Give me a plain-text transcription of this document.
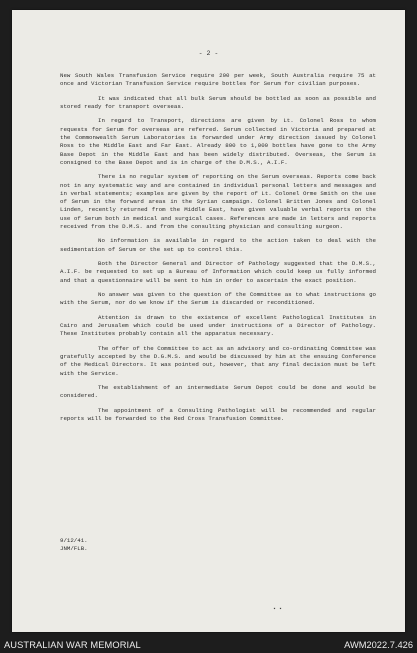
- 2 -

New South Wales Transfusion Service require 200 per week, South Australia require 75 at once and Victorian Transfusion Service require bottles for Serum for civilian purposes.

It was indicated that all bulk Serum should be bottled as soon as possible and stored ready for transport overseas.

In regard to Transport, directions are given by Lt. Colonel Ross to whom requests for Serum for overseas are referred. Serum collected in Victoria and prepared at the Commonwealth Serum Laboratories is forwarded under Army direction issued by Colonel Ross to the Middle East and Far East. Already 800 to 1,000 bottles have gone to the Army Base Depot in the Middle East and has been widely distributed. Overseas, the Serum is consigned to the Base Depot and is in charge of the D.M.S., A.I.F.

There is no regular system of reporting on the Serum overseas. Reports come back not in any systematic way and are contained in individual personal letters and messages and in verbal statements; examples are given by the report of Lt. Colonel Orme Smith on the use of Serum in the forward areas in the Syrian campaign. Colonel Britten Jones and Colonel Linden, recently returned from the Middle East, have given valuable verbal reports on the use of Serum both in medical and surgical cases. References are made in letters and reports received from the D.M.S. and from the consulting physician and consulting surgeon.

No information is available in regard to the action taken to deal with the sedimentation of Serum or the set up to control this.

Both the Director General and Director of Pathology suggested that the D.M.S., A.I.F. be requested to set up a Bureau of Information which could keep us fully informed and that a questionnaire will be sent to him in order to ascertain the exact position.

No answer was given to the question of the Committee as to what instructions go with the Serum, nor do we know if the Serum is discarded or reconditioned.

Attention is drawn to the existence of excellent Pathological Institutes in Cairo and Jerusalem which could be used under instructions of a Director of Pathology. These Institutes probably contain all the apparatus necessary.

The offer of the Committee to act as an advisory and co-ordinating Committee was gratefully accepted by the D.G.M.S. and would be discussed by him at the ensuing Conference of the Medical Directors. It was pointed out, however, that any final decision must be left with the Service.

The establishment of an intermediate Serum Depot could be done and would be considered.

The appointment of a Consulting Pathologist will be recommended and regular reports will be forwarded to the Red Cross Transfusion Committee.

9/12/41.
JNM/FLB.
▪ ▪
AUSTRALIAN WAR MEMORIAL	AWM2022.7.426
